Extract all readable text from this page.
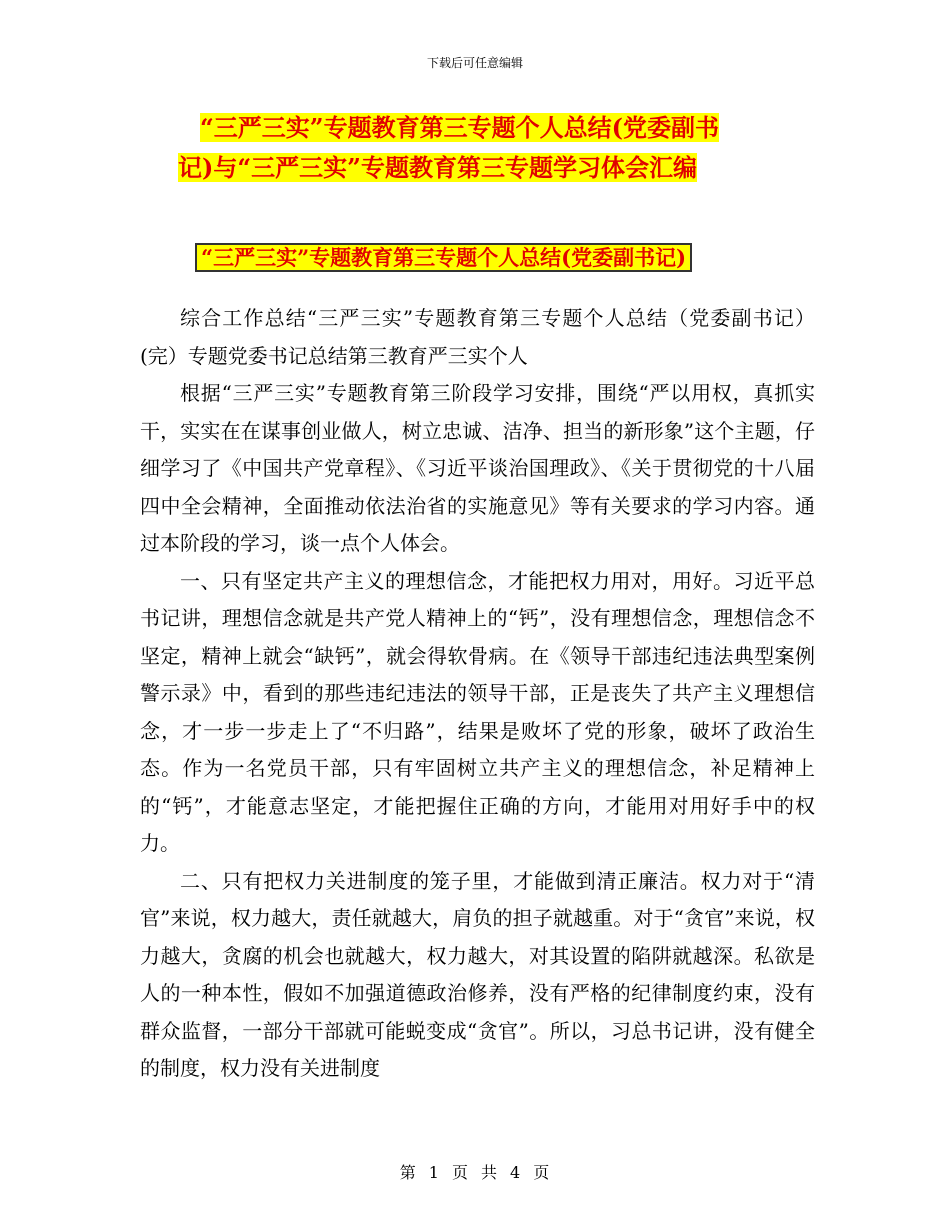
下载后可任意编辑
“三严三实”专题教育第三专题个人总结(党委副书
记)与“三严三实”专题教育第三专题学习体会汇编
“三严三实”专题教育第三专题个人总结(党委副书记)

综合工作总结“三严三实”专题教育第三专题个人总结（党委副书记）(完）专题党委书记总结第三教育严三实个人

根据“三严三实”专题教育第三阶段学习安排，围绕“严以用权，真抓实干，实实在在谋事创业做人，树立忠诚、洁净、担当的新形象”这个主题，仔细学习了《中国共产党章程》、《习近平谈治国理政》、《关于贯彻党的十八届四中全会精神，全面推动依法治省的实施意见》等有关要求的学习内容。通过本阶段的学习，谈一点个人体会。

一、只有坚定共产主义的理想信念，才能把权力用对，用好。习近平总书记讲，理想信念就是共产党人精神上的“钙”，没有理想信念，理想信念不坚定，精神上就会“缺钙”，就会得软骨病。在《领导干部违纪违法典型案例警示录》中，看到的那些违纪违法的领导干部，正是丧失了共产主义理想信念，才一步一步走上了“不归路”，结果是败坏了党的形象，破坏了政治生态。作为一名党员干部，只有牢固树立共产主义的理想信念，补足精神上的“钙”，才能意志坚定，才能把握住正确的方向，才能用对用好手中的权力。

二、只有把权力关进制度的笼子里，才能做到清正廉洁。权力对于“清官”来说，权力越大，责任就越大，肩负的担子就越重。对于“贪官”来说，权力越大，贪腐的机会也就越大，权力越大，对其设置的陷阱就越深。私欲是人的一种本性，假如不加强道德政治修养，没有严格的纪律制度约束，没有群众监督，一部分干部就可能蜕变成“贪官”。所以，习总书记讲，没有健全的制度，权力没有关进制度

第 1 页 共 4 页
